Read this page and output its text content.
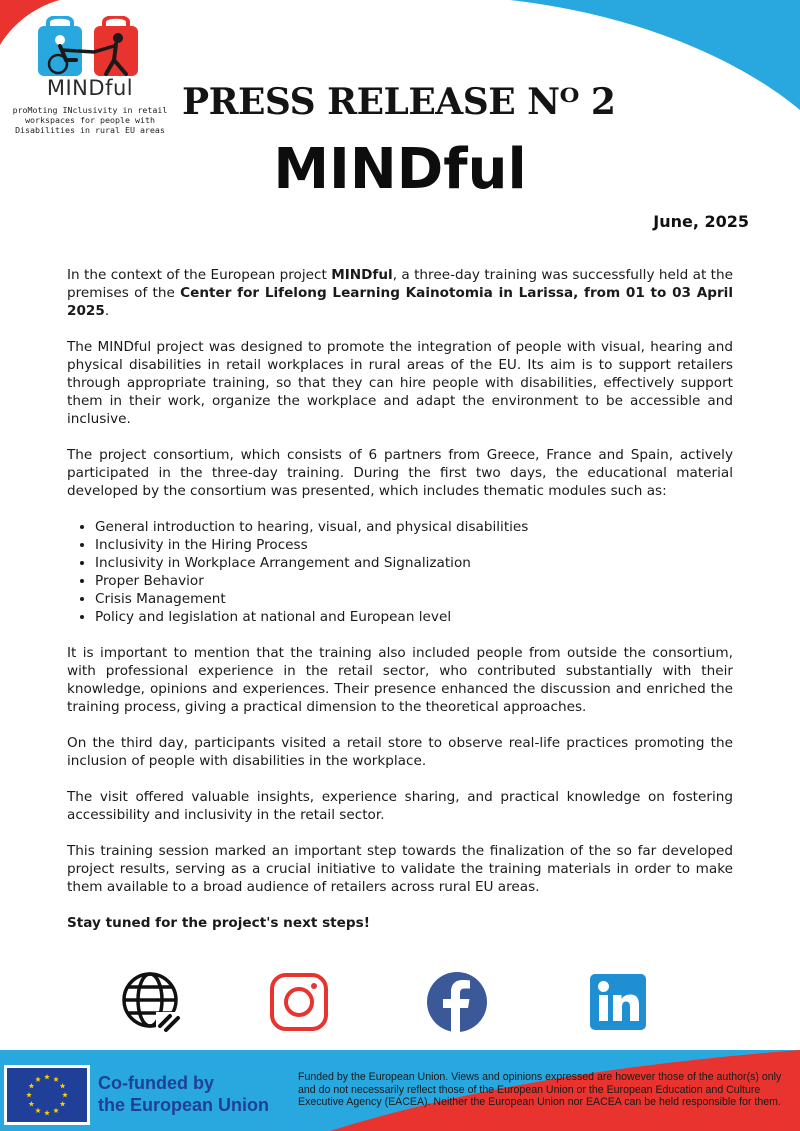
MINDful
proMoting INclusivity in retail
workspaces for people with
Disabilities in rural EU areas
PRESS RELEASE Nᴼ 2
MINDful
June, 2025

In the context of the European project MINDful, a three-day training was successfully held at the premises of the Center for Lifelong Learning Kainotomia in Larissa, from 01 to 03 April 2025.

The MINDful project was designed to promote the integration of people with visual, hearing and physical disabilities in retail workplaces in rural areas of the EU. Its aim is to support retailers through appropriate training, so that they can hire people with disabilities, effectively support them in their work, organize the workplace and adapt the environment to be accessible and inclusive.

The project consortium, which consists of 6 partners from Greece, France and Spain, actively participated in the three-day training. During the first two days, the educational material developed by the consortium was presented, which includes thematic modules such as:

• General introduction to hearing, visual, and physical disabilities
• Inclusivity in the Hiring Process
• Inclusivity in Workplace Arrangement and Signalization
• Proper Behavior
• Crisis Management
• Policy and legislation at national and European level

It is important to mention that the training also included people from outside the consortium, with professional experience in the retail sector, who contributed substantially with their knowledge, opinions and experiences. Their presence enhanced the discussion and enriched the training process, giving a practical dimension to the theoretical approaches.

On the third day, participants visited a retail store to observe real-life practices promoting the inclusion of people with disabilities in the workplace.

The visit offered valuable insights, experience sharing, and practical knowledge on fostering accessibility and inclusivity in the retail sector.

This training session marked an important step towards the finalization of the so far developed project results, serving as a crucial initiative to validate the training materials in order to make them available to a broad audience of retailers across rural EU areas.

Stay tuned for the project's next steps!

Co-funded by
the European Union
Funded by the European Union. Views and opinions expressed are however those of the author(s) only and do not necessarily reflect those of the European Union or the European Education and Culture Executive Agency (EACEA). Neither the European Union nor EACEA can be held responsible for them.
